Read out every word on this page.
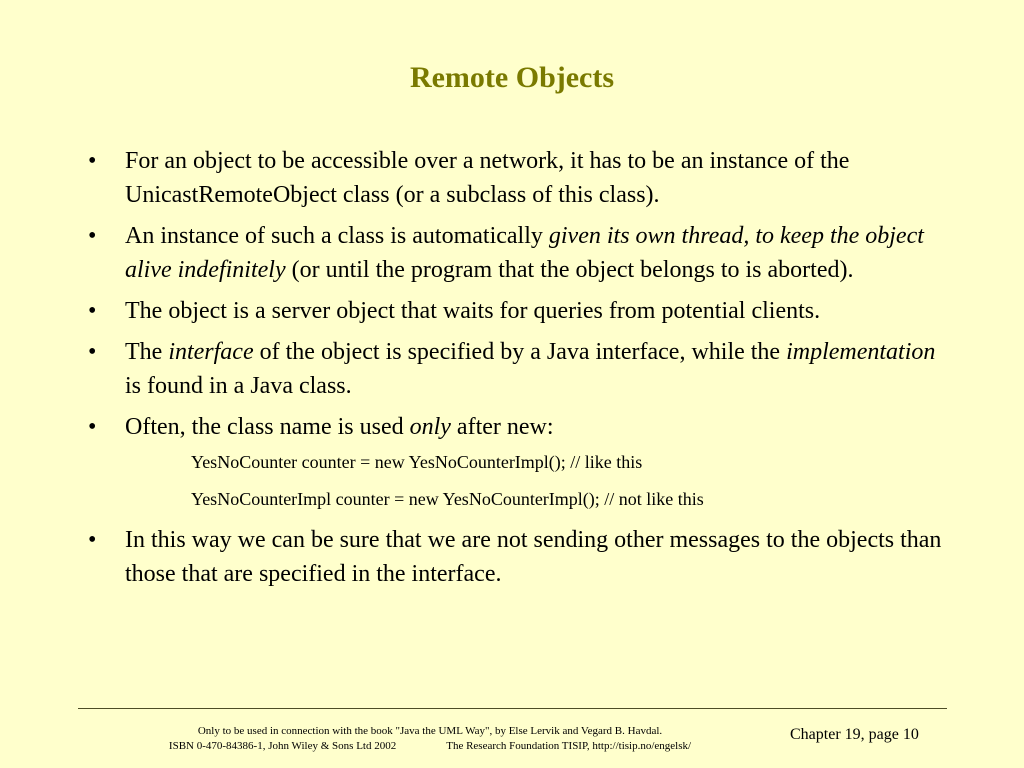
Remote Objects
• For an object to be accessible over a network, it has to be an instance of the UnicastRemoteObject class (or a subclass of this class).
• An instance of such a class is automatically given its own thread, to keep the object alive indefinitely (or until the program that the object belongs to is aborted).
• The object is a server object that waits for queries from potential clients.
• The interface of the object is specified by a Java interface, while the implementation is found in a Java class.
• Often, the class name is used only after new:
YesNoCounter counter = new YesNoCounterImpl(); // like this
YesNoCounterImpl counter = new YesNoCounterImpl(); // not like this
• In this way we can be sure that we are not sending other messages to the objects than those that are specified in the interface.
Only to be used in connection with the book "Java the UML Way", by Else Lervik and Vegard B. Havdal.
ISBN 0-470-84386-1, John Wiley & Sons Ltd 2002	The Research Foundation TISIP, http://tisip.no/engelsk/
Chapter 19, page 10
